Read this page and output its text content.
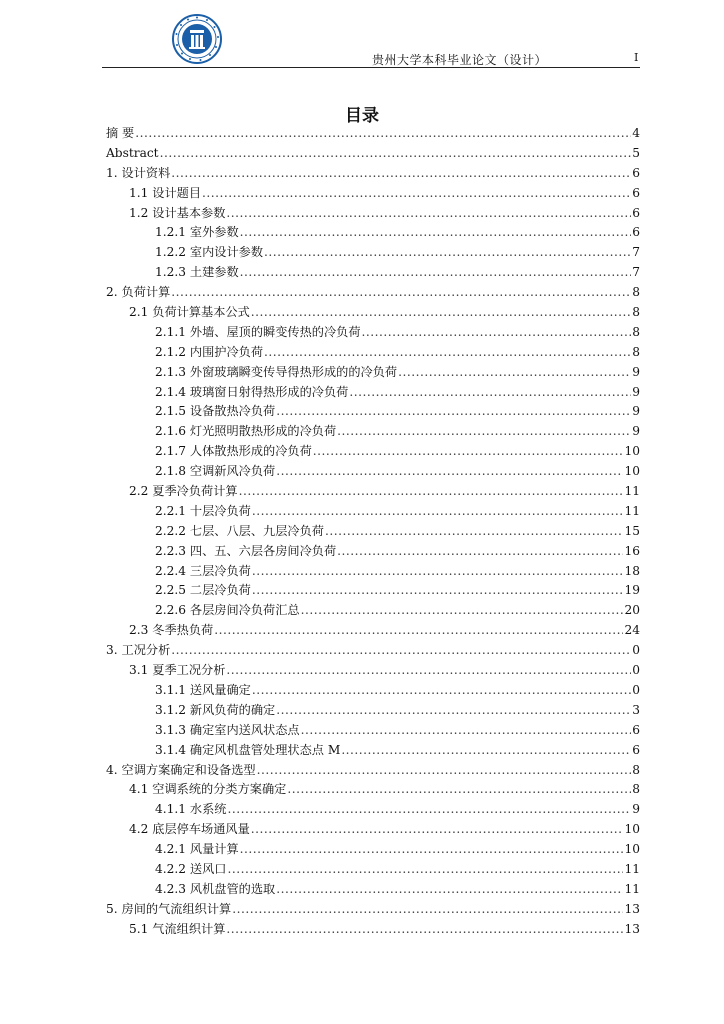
贵州大学本科毕业论文（设计）	I
目录
摘 要 .....	4
Abstract .....	5
1. 设计资料 .....	6
1.1 设计题目 .....	6
1.2 设计基本参数 .....	6
1.2.1 室外参数 .....	6
1.2.2 室内设计参数 .....	7
1.2.3 土建参数 .....	7
2. 负荷计算 .....	8
2.1 负荷计算基本公式 .....	8
2.1.1 外墙、屋顶的瞬变传热的冷负荷 .....	8
2.1.2 内围护冷负荷 .....	8
2.1.3 外窗玻璃瞬变传导得热形成的的冷负荷 .....	9
2.1.4 玻璃窗日射得热形成的冷负荷 .....	9
2.1.5 设备散热冷负荷 .....	9
2.1.6 灯光照明散热形成的冷负荷 .....	9
2.1.7 人体散热形成的冷负荷 .....	10
2.1.8 空调新风冷负荷 .....	10
2.2 夏季冷负荷计算 .....	11
2.2.1 十层冷负荷 .....	11
2.2.2 七层、八层、九层冷负荷 .....	15
2.2.3 四、五、六层各房间冷负荷 .....	16
2.2.4 三层冷负荷 .....	18
2.2.5 二层冷负荷 .....	19
2.2.6 各层房间冷负荷汇总 .....	20
2.3 冬季热负荷 .....	24
3. 工况分析 .....	0
3.1 夏季工况分析 .....	0
3.1.1 送风量确定 .....	0
3.1.2 新风负荷的确定 .....	3
3.1.3 确定室内送风状态点 .....	6
3.1.4 确定风机盘管处理状态点 M .....	6
4. 空调方案确定和设备选型 .....	8
4.1 空调系统的分类方案确定 .....	8
4.1.1 水系统 .....	9
4.2 底层停车场通风量 .....	10
4.2.1 风量计算 .....	10
4.2.2 送风口 .....	11
4.2.3 风机盘管的选取 .....	11
5. 房间的气流组织计算 .....	13
5.1 气流组织计算 .....	13
